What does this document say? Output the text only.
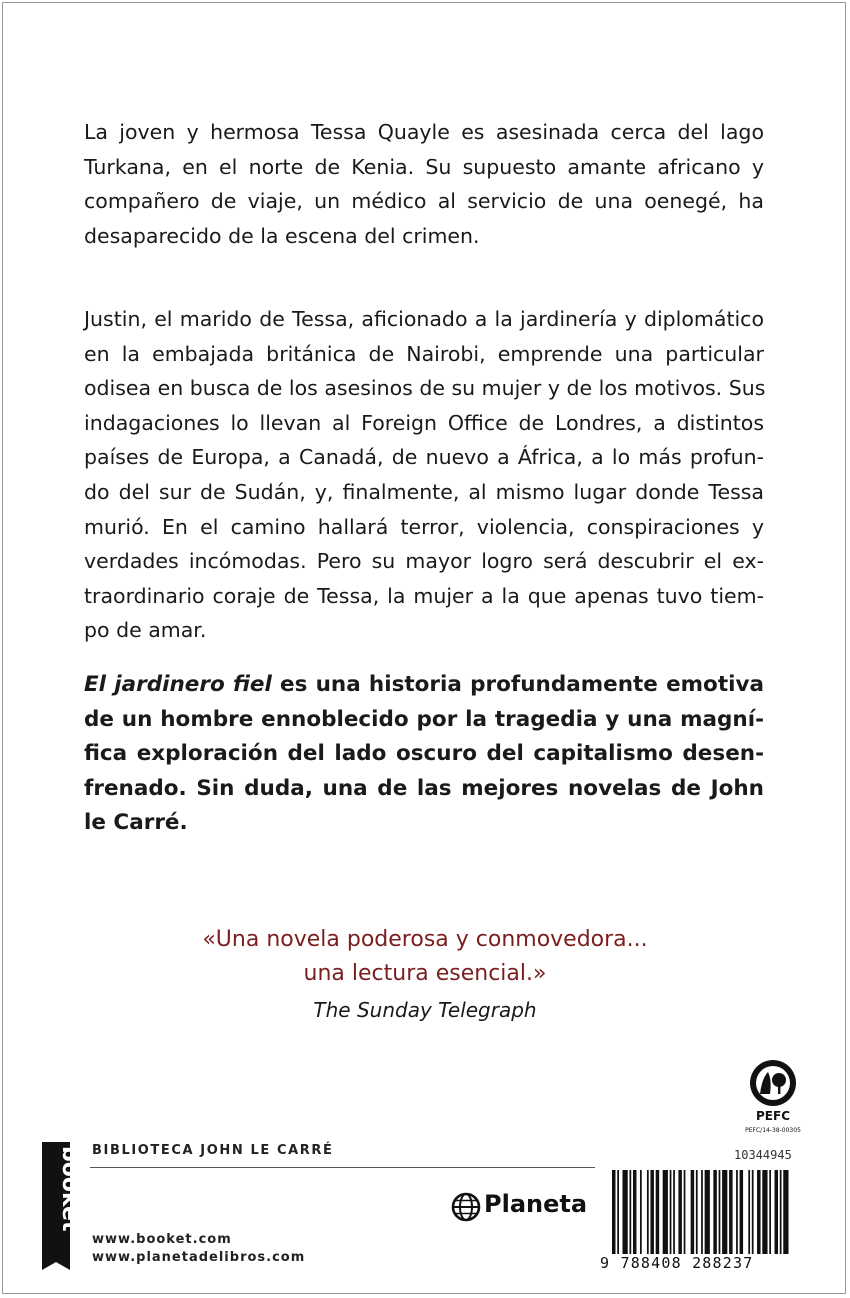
La joven y hermosa Tessa Quayle es asesinada cerca del lago
Turkana, en el norte de Kenia. Su supuesto amante africano y
compañero de viaje, un médico al servicio de una oenegé, ha
desaparecido de la escena del crimen.
Justin, el marido de Tessa, aficionado a la jardinería y diplomático
en la embajada británica de Nairobi, emprende una particular
odisea en busca de los asesinos de su mujer y de los motivos. Sus
indagaciones lo llevan al Foreign Office de Londres, a distintos
países de Europa, a Canadá, de nuevo a África, a lo más profun-
do del sur de Sudán, y, finalmente, al mismo lugar donde Tessa
murió. En el camino hallará terror, violencia, conspiraciones y
verdades incómodas. Pero su mayor logro será descubrir el ex-
traordinario coraje de Tessa, la mujer a la que apenas tuvo tiem-
po de amar.
El jardinero fiel es una historia profundamente emotiva
de un hombre ennoblecido por la tragedia y una magní-
fica exploración del lado oscuro del capitalismo desen-
frenado. Sin duda, una de las mejores novelas de John
le Carré.
«Una novela poderosa y conmovedora...
una lectura esencial.»
The Sunday Telegraph
BIBLIOTECA JOHN LE CARRÉ
www.booket.com
www.planetadelibros.com
booket	Planeta
PEFC
PEFC/14-38-00305
10344945
9 788408 288237
